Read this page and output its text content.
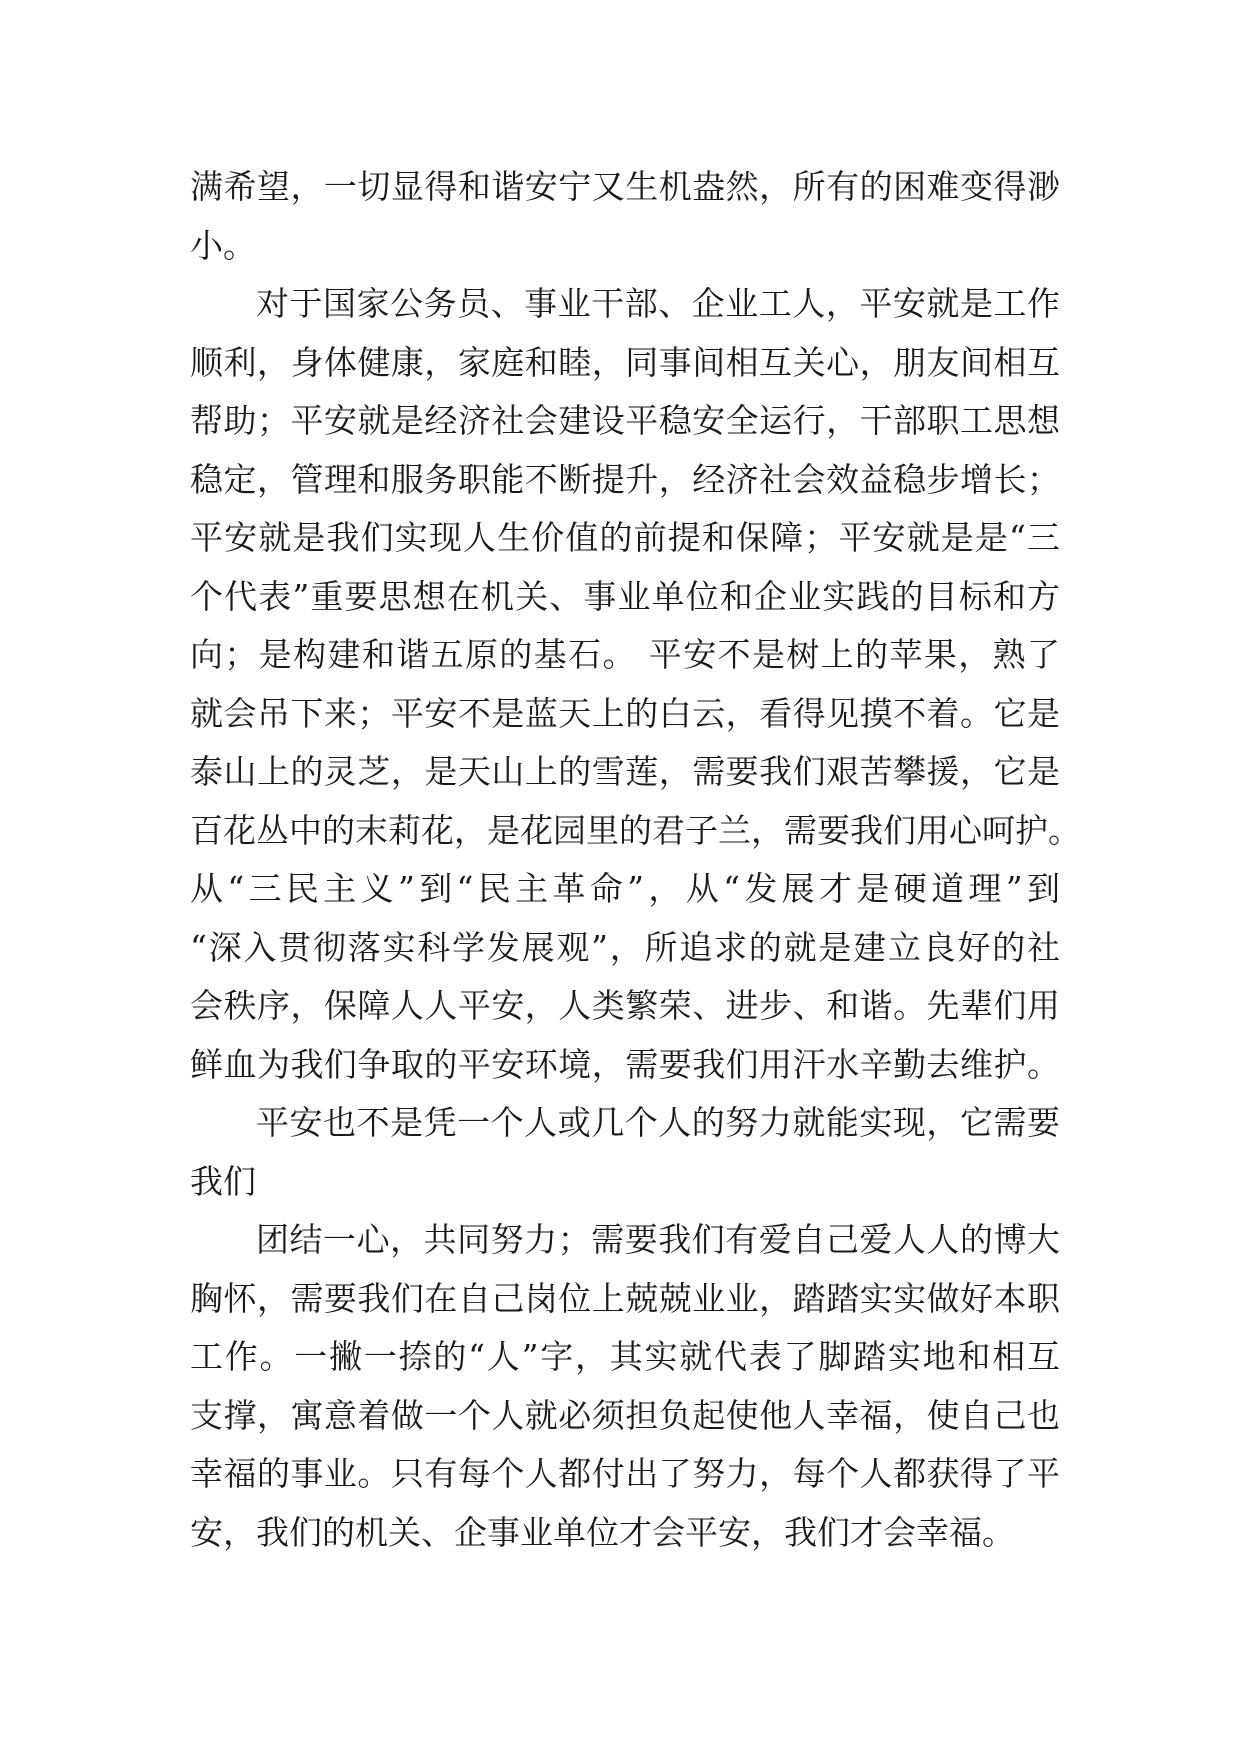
满希望，一切显得和谐安宁又生机盎然，所有的困难变得渺

小。

对于国家公务员、事业干部、企业工人，平安就是工作

顺利，身体健康，家庭和睦，同事间相互关心，朋友间相互

帮助；平安就是经济社会建设平稳安全运行，干部职工思想

稳定，管理和服务职能不断提升，经济社会效益稳步增长；

平安就是我们实现人生价值的前提和保障；平安就是是“三

个代表”重要思想在机关、事业单位和企业实践的目标和方

向；是构建和谐五原的基石。 平安不是树上的苹果，熟了

就会吊下来；平安不是蓝天上的白云，看得见摸不着。它是

泰山上的灵芝，是天山上的雪莲，需要我们艰苦攀援，它是

百花丛中的末莉花，是花园里的君子兰，需要我们用心呵护。

从“三民主义”到“民主革命”，从“发展才是硬道理”到

“深入贯彻落实科学发展观”，所追求的就是建立良好的社

会秩序，保障人人平安，人类繁荣、进步、和谐。先辈们用

鲜血为我们争取的平安环境，需要我们用汗水辛勤去维护。

平安也不是凭一个人或几个人的努力就能实现，它需要

我们

团结一心，共同努力；需要我们有爱自己爱人人的博大

胸怀，需要我们在自己岗位上兢兢业业，踏踏实实做好本职

工作。一撇一捺的“人”字，其实就代表了脚踏实地和相互

支撑，寓意着做一个人就必须担负起使他人幸福，使自己也

幸福的事业。只有每个人都付出了努力，每个人都获得了平

安，我们的机关、企事业单位才会平安，我们才会幸福。
